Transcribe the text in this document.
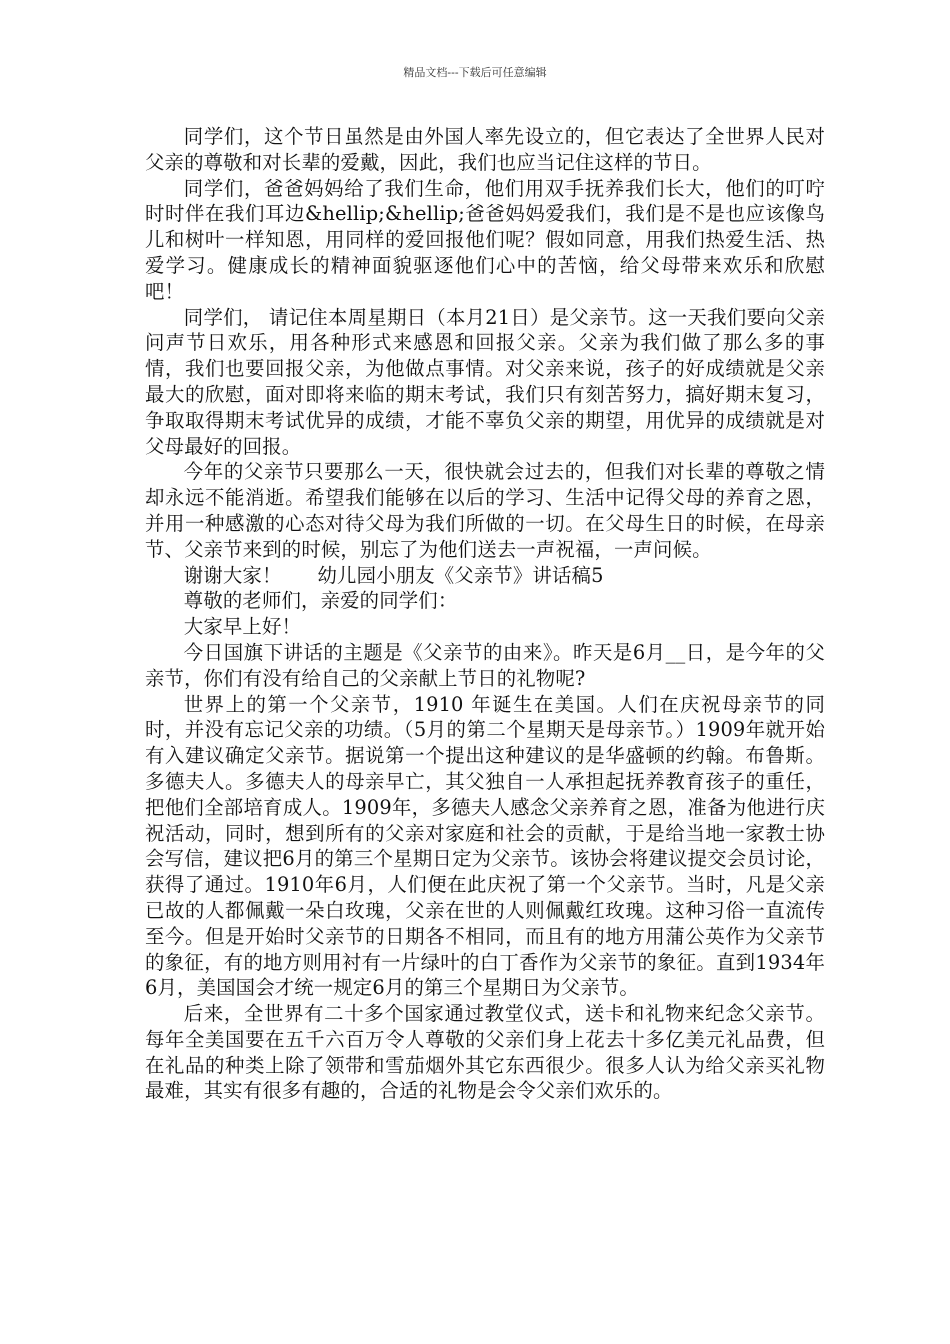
精品文档---下载后可任意编辑

同学们，这个节日虽然是由外国人率先设立的，但它表达了全世界人民对父亲的尊敬和对长辈的爱戴，因此，我们也应当记住这样的节日。

同学们，爸爸妈妈给了我们生命，他们用双手抚养我们长大，他们的叮咛时时伴在我们耳边&hellip;&hellip;爸爸妈妈爱我们，我们是不是也应该像鸟儿和树叶一样知恩，用同样的爱回报他们呢？假如同意，用我们热爱生活、热爱学习。健康成长的精神面貌驱逐他们心中的苦恼，给父母带来欢乐和欣慰吧！

同学们， 请记住本周星期日（本月21日）是父亲节。这一天我们要向父亲问声节日欢乐，用各种形式来感恩和回报父亲。父亲为我们做了那么多的事情，我们也要回报父亲，为他做点事情。对父亲来说，孩子的好成绩就是父亲最大的欣慰，面对即将来临的期末考试，我们只有刻苦努力，搞好期末复习，争取取得期末考试优异的成绩，才能不辜负父亲的期望，用优异的成绩就是对父母最好的回报。

今年的父亲节只要那么一天，很快就会过去的，但我们对长辈的尊敬之情却永远不能消逝。希望我们能够在以后的学习、生活中记得父母的养育之恩，并用一种感激的心态对待父母为我们所做的一切。在父母生日的时候，在母亲节、父亲节来到的时候，别忘了为他们送去一声祝福，一声问候。

谢谢大家！ 幼儿园小朋友《父亲节》讲话稿5

尊敬的老师们，亲爱的同学们：

大家早上好！

今日国旗下讲话的主题是《父亲节的由来》。昨天是6月__日，是今年的父亲节，你们有没有给自己的父亲献上节日的礼物呢?

世界上的第一个父亲节，1910 年诞生在美国。人们在庆祝母亲节的同时，并没有忘记父亲的功绩。（5月的第二个星期天是母亲节。）1909年就开始有入建议确定父亲节。据说第一个提出这种建议的是华盛顿的约翰。布鲁斯。多德夫人。多德夫人的母亲早亡，其父独自一人承担起抚养教育孩子的重任，把他们全部培育成人。1909年，多德夫人感念父亲养育之恩，准备为他进行庆祝活动，同时，想到所有的父亲对家庭和社会的贡献，于是给当地一家教士协会写信，建议把6月的第三个星期日定为父亲节。该协会将建议提交会员讨论，获得了通过。1910年6月，人们便在此庆祝了第一个父亲节。当时，凡是父亲已故的人都佩戴一朵白玫瑰，父亲在世的人则佩戴红玫瑰。这种习俗一直流传至今。但是开始时父亲节的日期各不相同，而且有的地方用蒲公英作为父亲节的象征，有的地方则用衬有一片绿叶的白丁香作为父亲节的象征。直到1934年6月，美国国会才统一规定6月的第三个星期日为父亲节。

后来，全世界有二十多个国家通过教堂仪式，送卡和礼物来纪念父亲节。每年全美国要在五千六百万令人尊敬的父亲们身上花去十多亿美元礼品费，但在礼品的种类上除了领带和雪茄烟外其它东西很少。很多人认为给父亲买礼物最难，其实有很多有趣的，合适的礼物是会令父亲们欢乐的。
